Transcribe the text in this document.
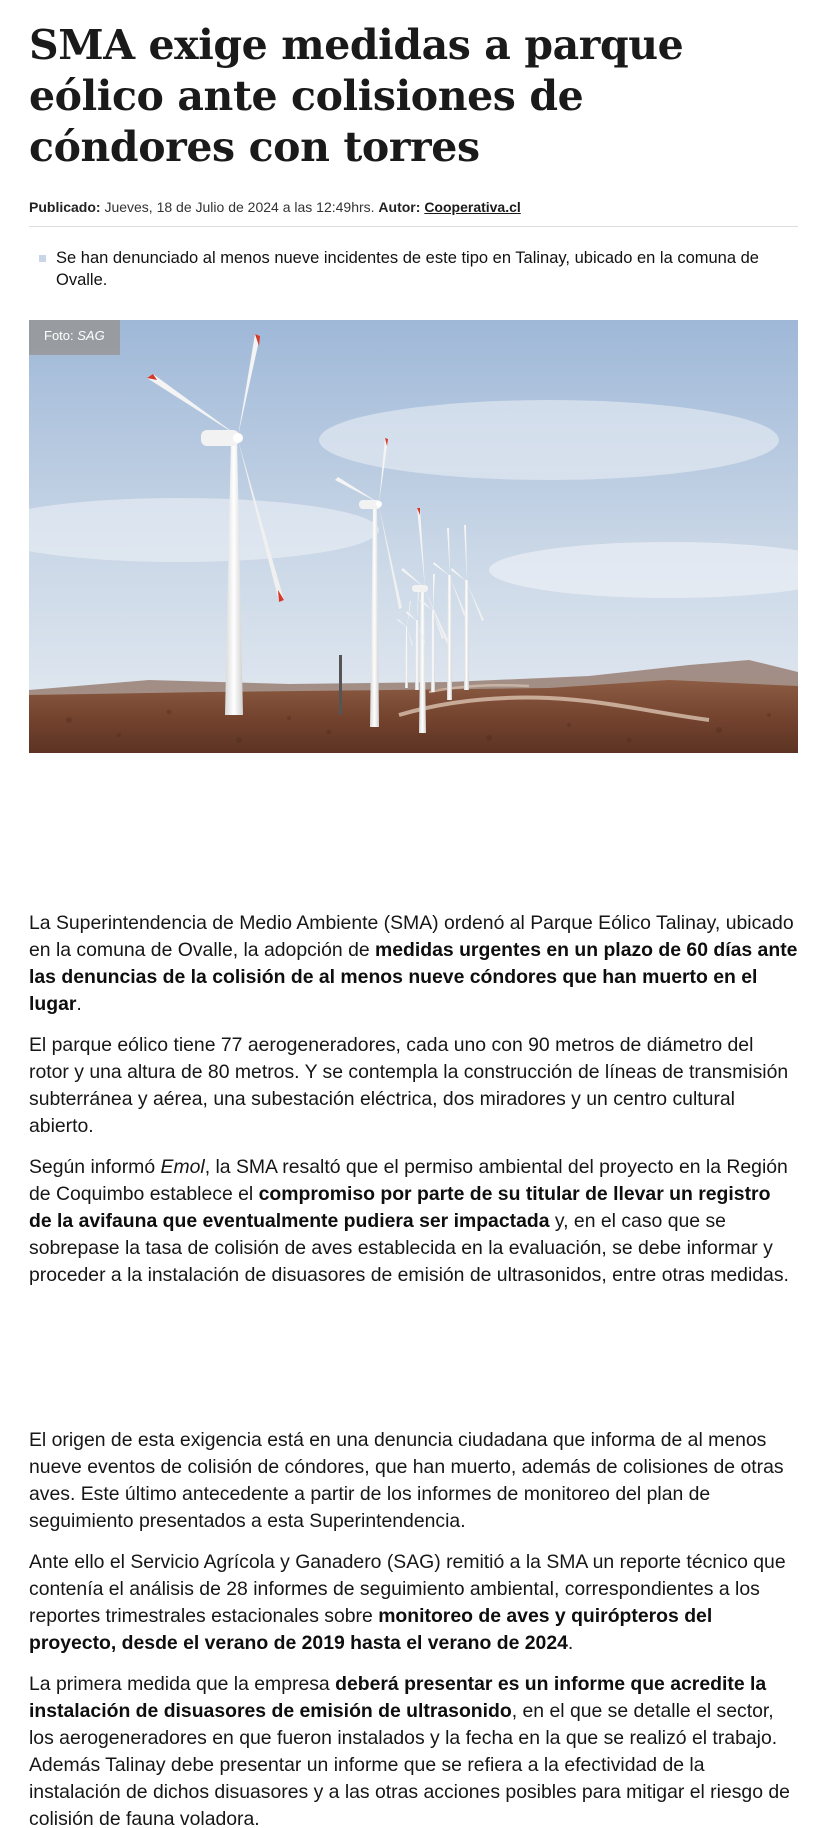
SMA exige medidas a parque eólico ante colisiones de cóndores con torres
Publicado: Jueves, 18 de Julio de 2024 a las 12:49hrs. Autor: Cooperativa.cl
Se han denunciado al menos nueve incidentes de este tipo en Talinay, ubicado en la comuna de Ovalle.
Foto: SAG

La Superintendencia de Medio Ambiente (SMA) ordenó al Parque Eólico Talinay, ubicado en la comuna de Ovalle, la adopción de medidas urgentes en un plazo de 60 días ante las denuncias de la colisión de al menos nueve cóndores que han muerto en el lugar.

El parque eólico tiene 77 aerogeneradores, cada uno con 90 metros de diámetro del rotor y una altura de 80 metros. Y se contempla la construcción de líneas de transmisión subterránea y aérea, una subestación eléctrica, dos miradores y un centro cultural abierto.

Según informó Emol, la SMA resaltó que el permiso ambiental del proyecto en la Región de Coquimbo establece el compromiso por parte de su titular de llevar un registro de la avifauna que eventualmente pudiera ser impactada y, en el caso que se sobrepase la tasa de colisión de aves establecida en la evaluación, se debe informar y proceder a la instalación de disuasores de emisión de ultrasonidos, entre otras medidas.

El origen de esta exigencia está en una denuncia ciudadana que informa de al menos nueve eventos de colisión de cóndores, que han muerto, además de colisiones de otras aves. Este último antecedente a partir de los informes de monitoreo del plan de seguimiento presentados a esta Superintendencia.

Ante ello el Servicio Agrícola y Ganadero (SAG) remitió a la SMA un reporte técnico que contenía el análisis de 28 informes de seguimiento ambiental, correspondientes a los reportes trimestrales estacionales sobre monitoreo de aves y quirópteros del proyecto, desde el verano de 2019 hasta el verano de 2024.

La primera medida que la empresa deberá presentar es un informe que acredite la instalación de disuasores de emisión de ultrasonido, en el que se detalle el sector, los aerogeneradores en que fueron instalados y la fecha en la que se realizó el trabajo. Además Talinay debe presentar un informe que se refiera a la efectividad de la instalación de dichos disuasores y a las otras acciones posibles para mitigar el riesgo de colisión de fauna voladora.
